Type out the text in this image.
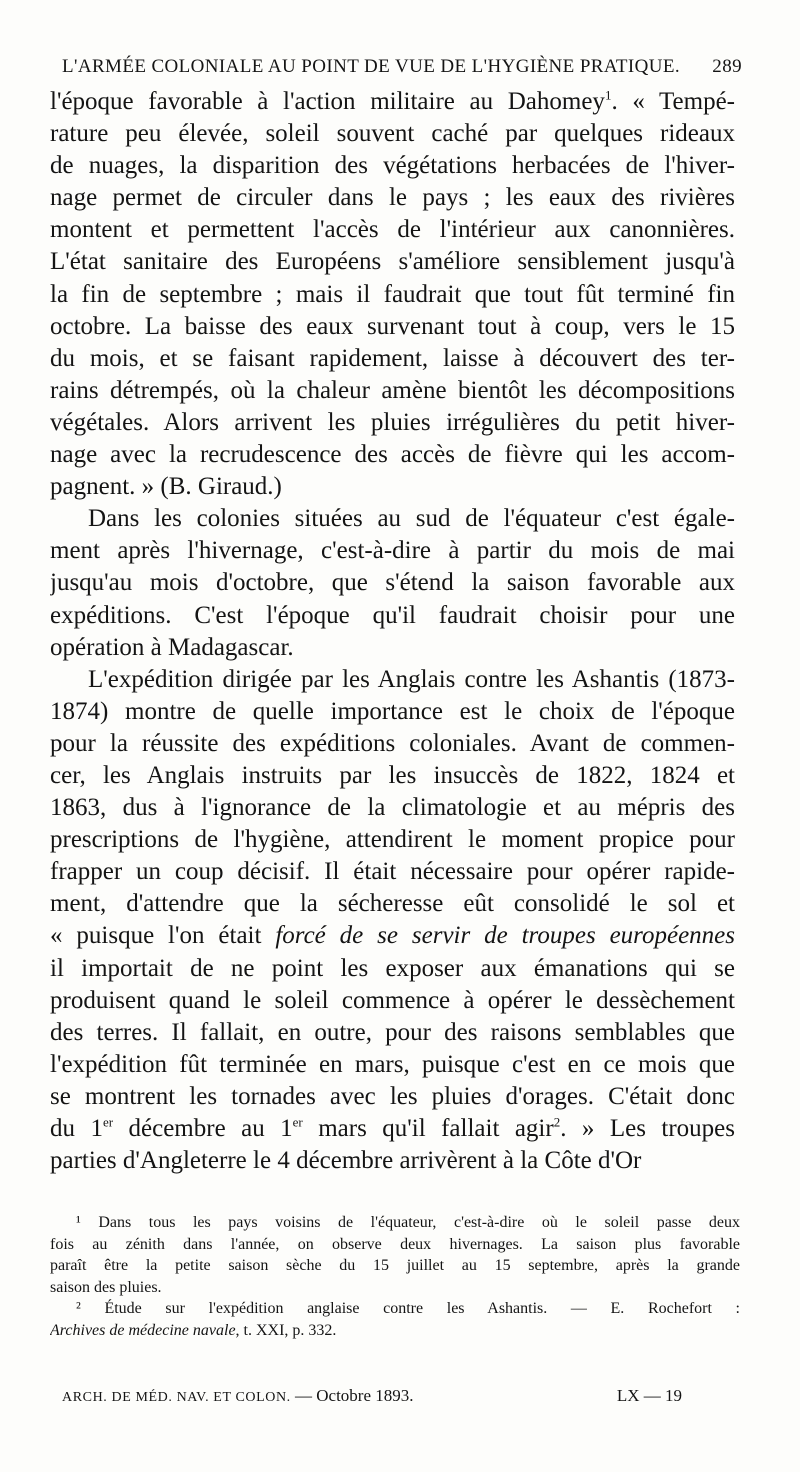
L'ARMÉE COLONIALE AU POINT DE VUE DE L'HYGIÈNE PRATIQUE. 289
l'époque favorable à l'action militaire au Dahomey$^1$. « Tempé-
rature peu élevée, soleil souvent caché par quelques rideaux
de nuages, la disparition des végétations herbacées de l'hiver-
nage permet de circuler dans le pays ; les eaux des rivières
montent et permettent l'accès de l'intérieur aux canonnières.
L'état sanitaire des Européens s'améliore sensiblement jusqu'à
la fin de septembre ; mais il faudrait que tout fût terminé fin
octobre. La baisse des eaux survenant tout à coup, vers le 15
du mois, et se faisant rapidement, laisse à découvert des ter-
rains détrempés, où la chaleur amène bientôt les décompositions
végétales. Alors arrivent les pluies irrégulières du petit hiver-
nage avec la recrudescence des accès de fièvre qui les accom-
pagnent. » (B. Giraud.)
Dans les colonies situées au sud de l'équateur c'est égale-
ment après l'hivernage, c'est-à-dire à partir du mois de mai
jusqu'au mois d'octobre, que s'étend la saison favorable aux
expéditions. C'est l'époque qu'il faudrait choisir pour une
opération à Madagascar.
L'expédition dirigée par les Anglais contre les Ashantis (1873-
1874) montre de quelle importance est le choix de l'époque
pour la réussite des expéditions coloniales. Avant de commen-
cer, les Anglais instruits par les insuccès de 1822, 1824 et
1863, dus à l'ignorance de la climatologie et au mépris des
prescriptions de l'hygiène, attendirent le moment propice pour
frapper un coup décisif. Il était nécessaire pour opérer rapide-
ment, d'attendre que la sécheresse eût consolidé le sol et
« puisque l'on était forcé de se servir de troupes européennes
il importait de ne point les exposer aux émanations qui se
produisent quand le soleil commence à opérer le dessèchement
des terres. Il fallait, en outre, pour des raisons semblables que
l'expédition fût terminée en mars, puisque c'est en ce mois que
se montrent les tornades avec les pluies d'orages. C'était donc
du 1er décembre au 1er mars qu'il fallait agir$^2$. » Les troupes
parties d'Angleterre le 4 décembre arrivèrent à la Côte d'Or
¹ Dans tous les pays voisins de l'équateur, c'est-à-dire où le soleil passe deux
fois au zénith dans l'année, on observe deux hivernages. La saison plus favorable
paraît être la petite saison sèche du 15 juillet au 15 septembre, après la grande
saison des pluies.
² Étude sur l'expédition anglaise contre les Ashantis. — E. Rochefort :
Archives de médecine navale, t. XXI, p. 332.
ARCH. DE MÉD. NAV. ET COLON. — Octobre 1893.	LX — 19
